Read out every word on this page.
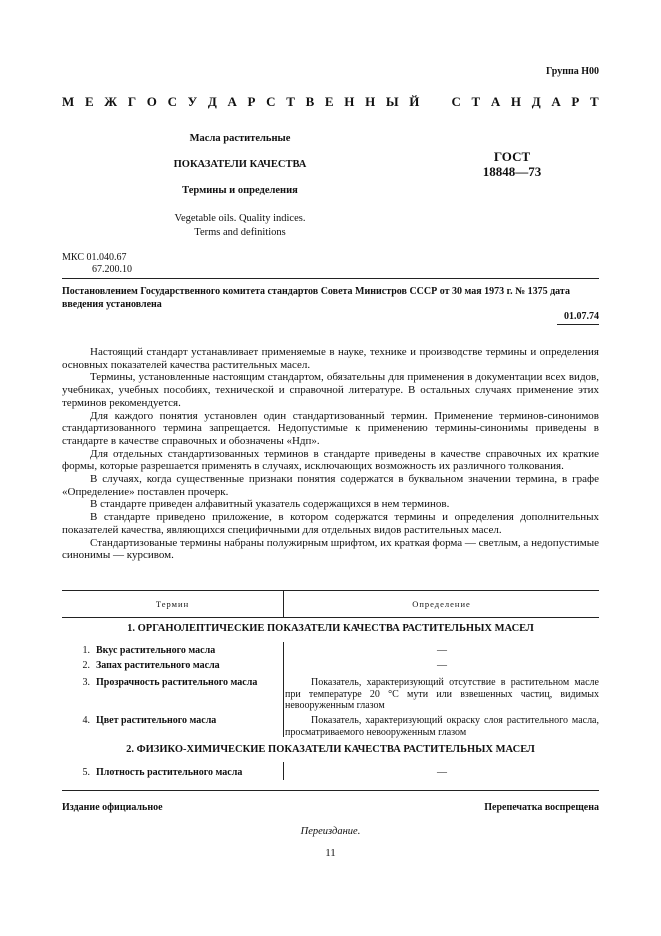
Группа Н00
М Е Ж Г О С У Д А Р С Т В Е Н Н Ы Й С Т А Н Д А Р Т
Масла растительные
ПОКАЗАТЕЛИ КАЧЕСТВА
Термины и определения
ГОСТ
18848—73
Vegetable oils. Quality indices.
Terms and definitions
МКС 01.040.67
67.200.10
Постановлением Государственного комитета стандартов Совета Министров СССР от 30 мая 1973 г. № 1375 дата введения установлена
01.07.74

Настоящий стандарт устанавливает применяемые в науке, технике и производстве термины и определения основных показателей качества растительных масел.

Термины, установленные настоящим стандартом, обязательны для применения в документации всех видов, учебниках, учебных пособиях, технической и справочной литературе. В остальных случаях применение этих терминов рекомендуется.

Для каждого понятия установлен один стандартизованный термин. Применение терминов-синонимов стандартизованного термина запрещается. Недопустимые к применению термины-синонимы приведены в стандарте в качестве справочных и обозначены «Ндп».

Для отдельных стандартизованных терминов в стандарте приведены в качестве справочных их краткие формы, которые разрешается применять в случаях, исключающих возможность их различного толкования.

В случаях, когда существенные признаки понятия содержатся в буквальном значении термина, в графе «Определение» поставлен прочерк.

В стандарте приведен алфавитный указатель содержащихся в нем терминов.

В стандарте приведено приложение, в котором содержатся термины и определения дополнительных показателей качества, являющихся специфичными для отдельных видов растительных масел.

Стандартизованые термины набраны полужирным шрифтом, их краткая форма — светлым, а недопустимые синонимы — курсивом.

Термин	Определение
1. ОРГАНОЛЕПТИЧЕСКИЕ ПОКАЗАТЕЛИ КАЧЕСТВА РАСТИТЕЛЬНЫХ МАСЕЛ
1. Вкус растительного масла	—
2. Запах растительного масла	—
3. Прозрачность растительного масла	Показатель, характеризующий отсутствие в растительном масле при температуре 20 °С мути или взвешенных частиц, видимых невооруженным глазом
4. Цвет растительного масла	Показатель, характеризующий окраску слоя растительного масла, просматриваемого невооруженным глазом
2. ФИЗИКО-ХИМИЧЕСКИЕ ПОКАЗАТЕЛИ КАЧЕСТВА РАСТИТЕЛЬНЫХ МАСЕЛ
5. Плотность растительного масла	—
Издание официальное	Перепечатка воспрещена
Переиздание.
11
